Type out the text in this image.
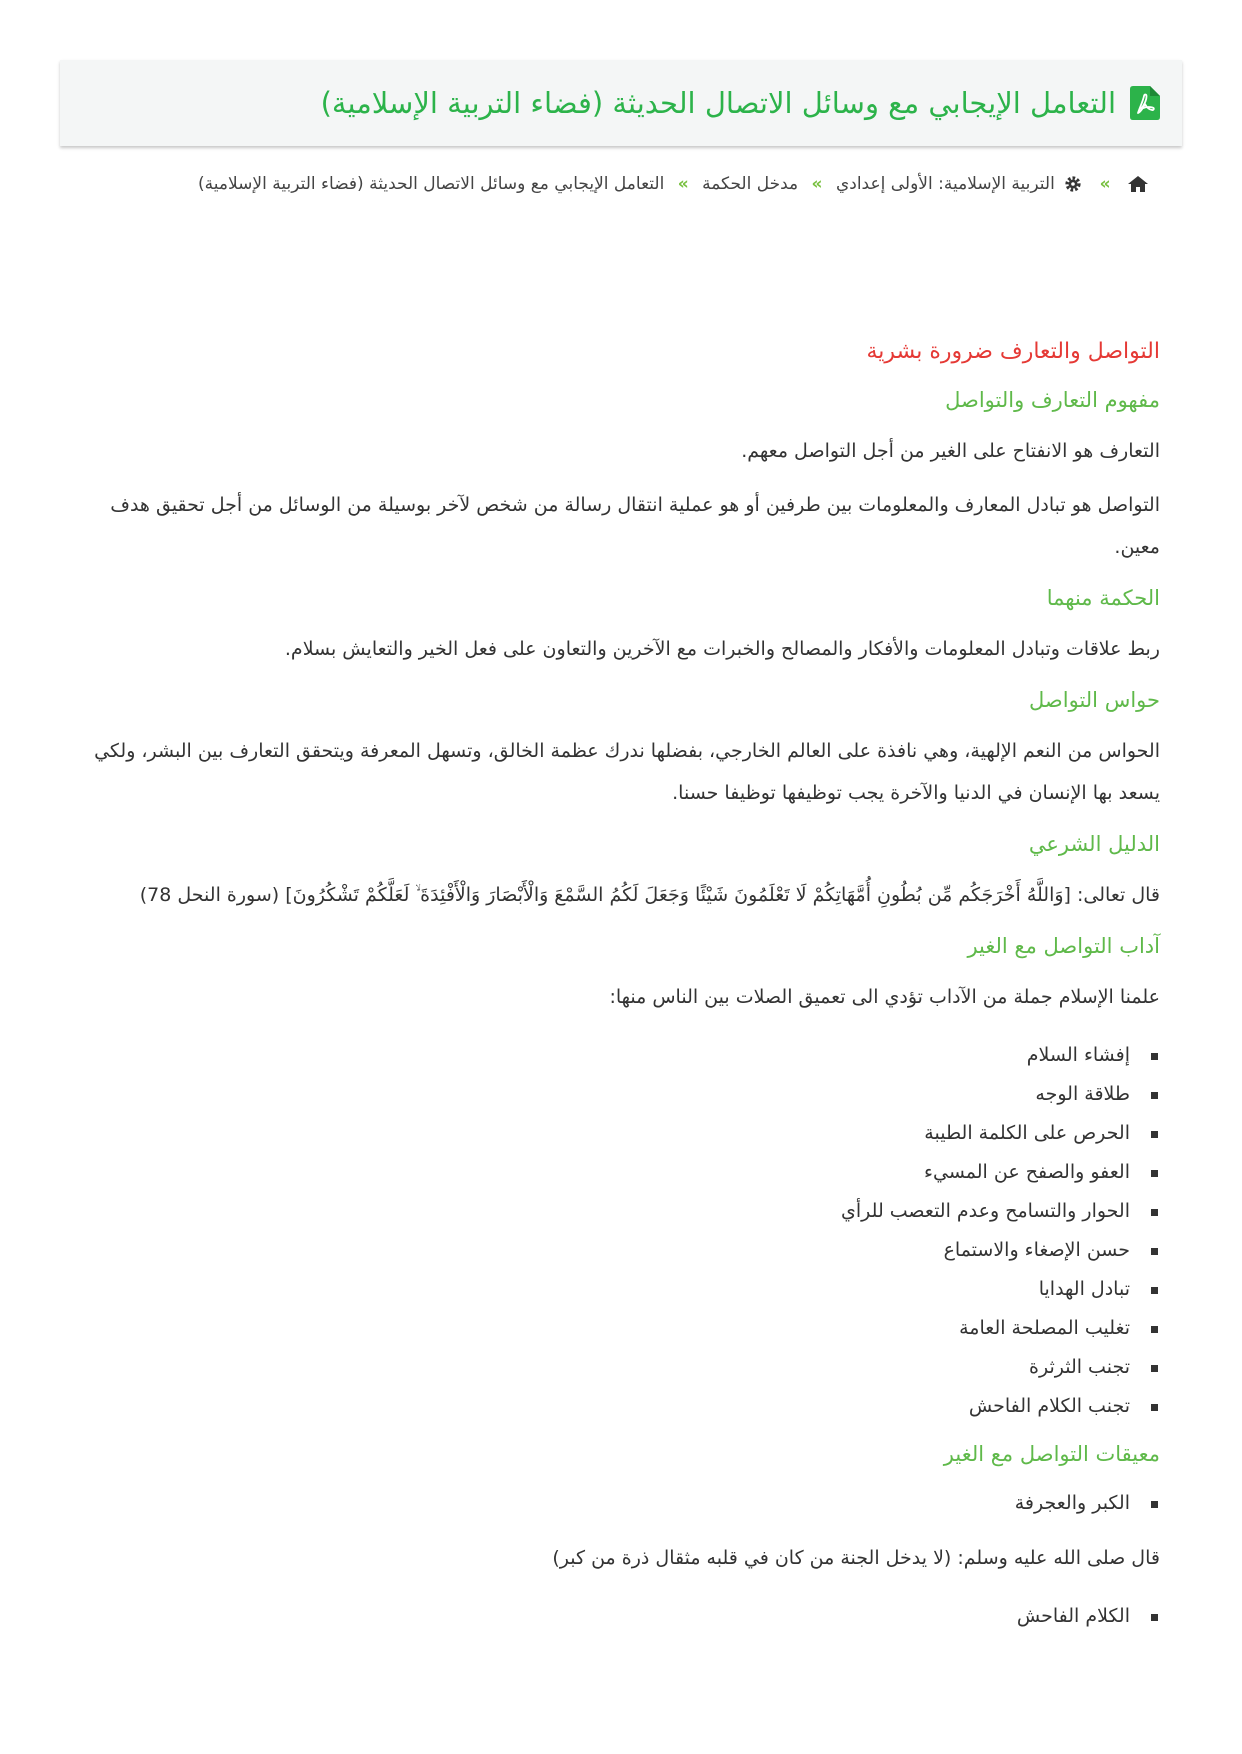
التعامل الإيجابي مع وسائل الاتصال الحديثة (فضاء التربية الإسلامية)
»  التربية الإسلامية: الأولى إعدادي » مدخل الحكمة » التعامل الإيجابي مع وسائل الاتصال الحديثة (فضاء التربية الإسلامية)
التواصل والتعارف ضرورة بشرية
مفهوم التعارف والتواصل

التعارف هو الانفتاح على الغير من أجل التواصل معهم.

التواصل هو تبادل المعارف والمعلومات بين طرفين أو هو عملية انتقال رسالة من شخص لآخر بوسيلة من الوسائل من أجل تحقيق هدف معين.

الحكمة منهما

ربط علاقات وتبادل المعلومات والأفكار والمصالح والخبرات مع الآخرين والتعاون على فعل الخير والتعايش بسلام.

حواس التواصل

الحواس من النعم الإلهية، وهي نافذة على العالم الخارجي، بفضلها ندرك عظمة الخالق، وتسهل المعرفة ويتحقق التعارف بين البشر، ولكي يسعد بها الإنسان في الدنيا والآخرة يجب توظيفها توظيفا حسنا.

الدليل الشرعي

قال تعالى: [وَاللَّهُ أَخْرَجَكُم مِّن بُطُونِ أُمَّهَاتِكُمْ لَا تَعْلَمُونَ شَيْئًا وَجَعَلَ لَكُمُ السَّمْعَ وَالْأَبْصَارَ وَالْأَفْئِدَةَ ۙ لَعَلَّكُمْ تَشْكُرُونَ] (سورة النحل 78)

آداب التواصل مع الغير

علمنا الإسلام جملة من الآداب تؤدي الى تعميق الصلات بين الناس منها:

إفشاء السلام
طلاقة الوجه
الحرص على الكلمة الطيبة
العفو والصفح عن المسيء
الحوار والتسامح وعدم التعصب للرأي
حسن الإصغاء والاستماع
تبادل الهدايا
تغليب المصلحة العامة
تجنب الثرثرة
تجنب الكلام الفاحش
معيقات التواصل مع الغير
الكبر والعجرفة

قال صلى الله عليه وسلم: (لا يدخل الجنة من كان في قلبه مثقال ذرة من كبر)

الكلام الفاحش
